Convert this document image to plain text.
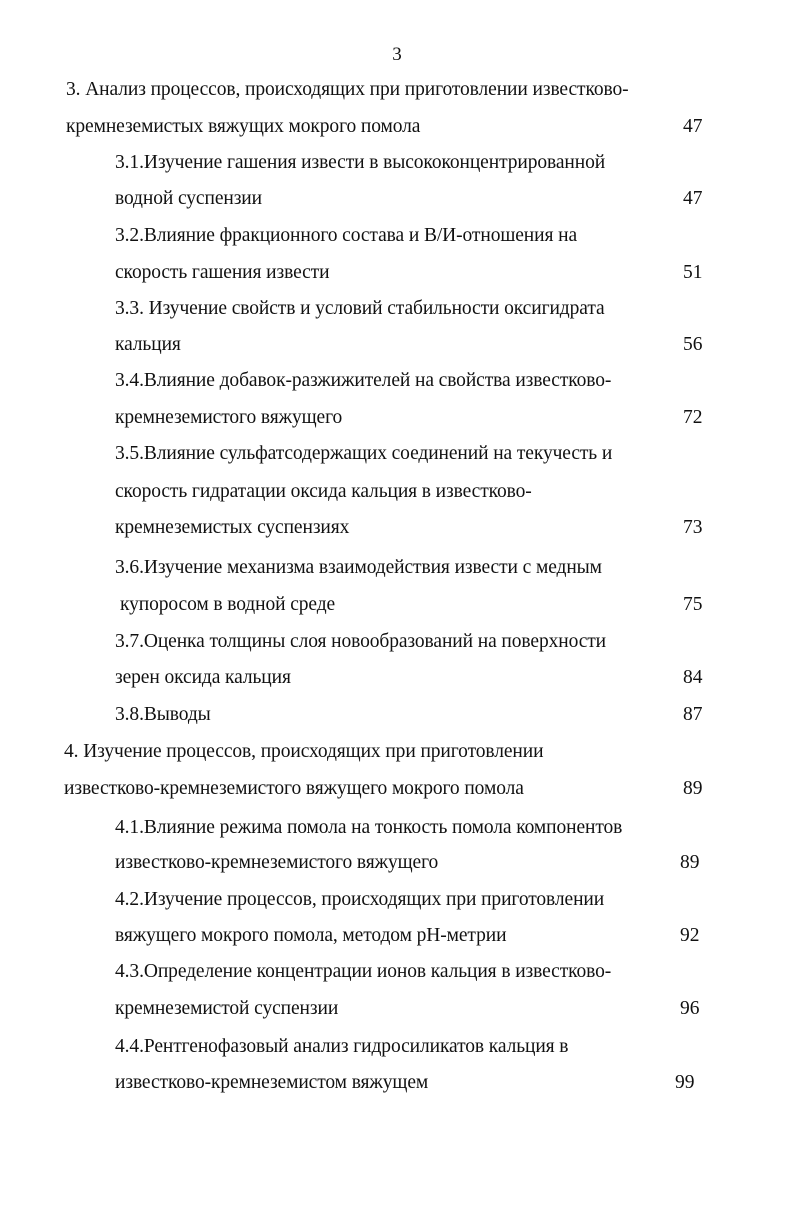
3
3. Анализ процессов, происходящих при приготовлении известково-
кремнеземистых вяжущих мокрого помола	47
3.1.Изучение гашения извести в высококонцентрированной
водной суспензии	47
3.2.Влияние фракционного состава и В/И-отношения на
скорость гашения извести	51
3.3. Изучение свойств и условий стабильности оксигидрата
кальция	56
3.4.Влияние добавок-разжижителей на свойства известково-
кремнеземистого вяжущего	72
3.5.Влияние сульфатсодержащих соединений на текучесть и
скорость гидратации оксида кальция в известково-
кремнеземистых суспензиях	73
3.6.Изучение механизма взаимодействия извести с медным
купоросом в водной среде	75
3.7.Оценка толщины слоя новообразований на поверхности
зерен оксида кальция	84
3.8.Выводы	87
4. Изучение процессов, происходящих при приготовлении
известково-кремнеземистого вяжущего мокрого помола	89
4.1.Влияние режима помола на тонкость помола компонентов
известково-кремнеземистого вяжущего	89
4.2.Изучение процессов, происходящих при приготовлении
вяжущего мокрого помола, методом pH-метрии	92
4.3.Определение концентрации ионов кальция в известково-
кремнеземистой суспензии	96
4.4.Рентгенофазовый анализ гидросиликатов кальция в
известково-кремнеземистом вяжущем	99
